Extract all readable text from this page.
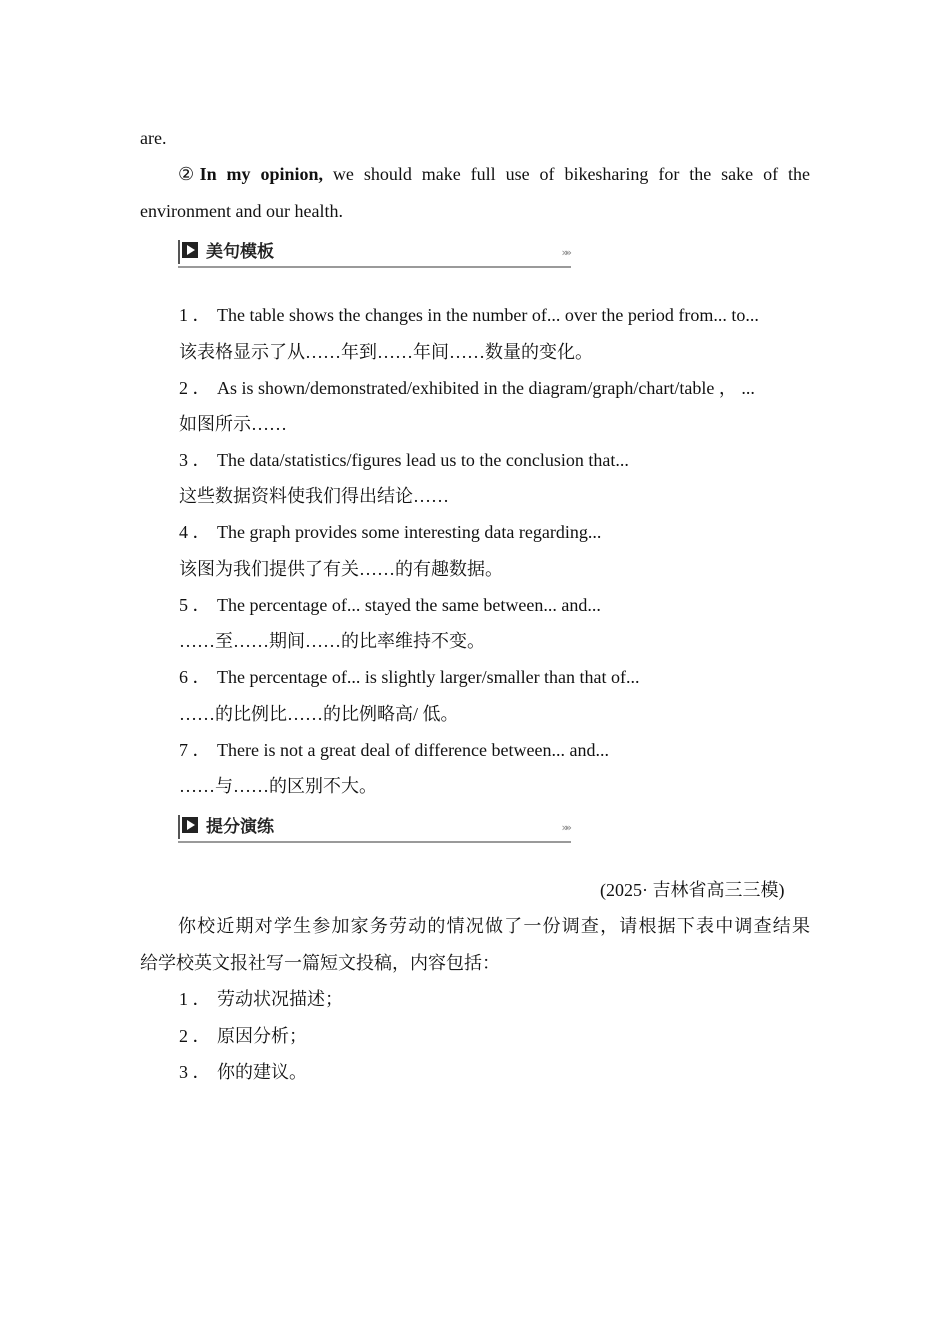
are.
②In my opinion, we should make full use of bikesharing for the sake of the
environment and our health.
美句模板	»»
1 ． The table shows the changes in the number of... over the period from... to...
该表格显示了从……年到……年间……数量的变化。
2 ． As is shown/demonstrated/exhibited in the diagram/graph/chart/table ， ...
如图所示……
3 ． The data/statistics/figures lead us to the conclusion that...
这些数据资料使我们得出结论……
4 ． The graph provides some interesting data regarding...
该图为我们提供了有关……的有趣数据。
5 ． The percentage of... stayed the same between... and...
……至……期间……的比率维持不变。
6 ． The percentage of... is slightly larger/smaller than that of...
……的比例比……的比例略高/ 低。
7 ． There is not a great deal of difference between... and...
……与……的区别不大。
提分演练	»»
(2025· 吉林省高三三模)
你校近期对学生参加家务劳动的情况做了一份调查，请根据下表中调查结果
给学校英文报社写一篇短文投稿，内容包括：
1 ． 劳动状况描述；
2 ． 原因分析；
3 ． 你的建议。
